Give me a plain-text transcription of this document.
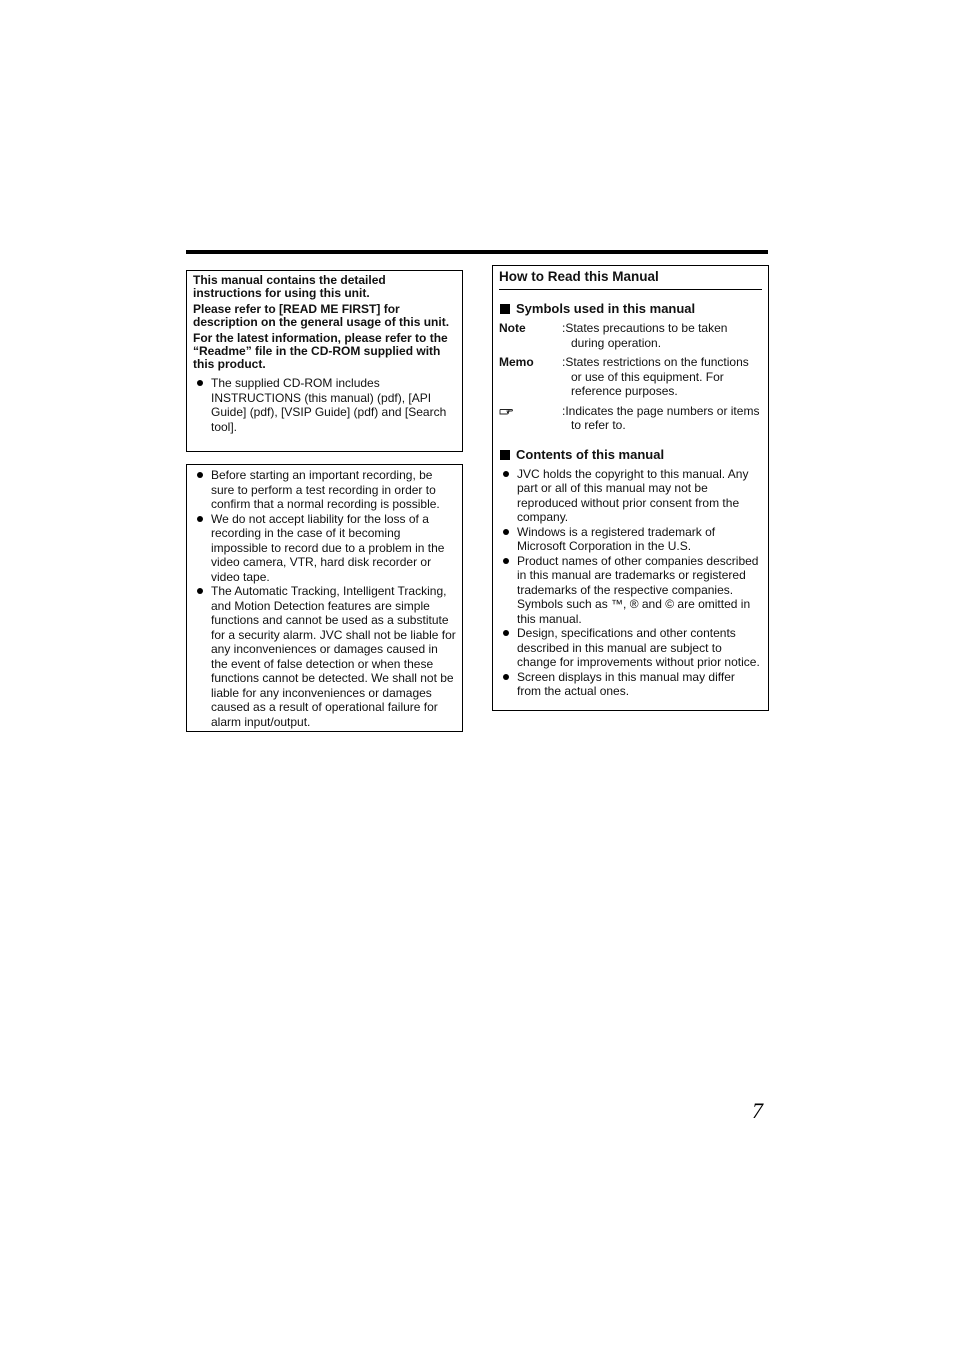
This manual contains the detailed instructions for using this unit.

Please refer to [READ ME FIRST] for description on the general usage of this unit.

For the latest information, please refer to the “Readme” file in the CD-ROM supplied with this product.

The supplied CD-ROM includes INSTRUCTIONS (this manual) (pdf), [API Guide] (pdf), [VSIP Guide] (pdf) and [Search tool].
Before starting an important recording, be sure to perform a test recording in order to confirm that a normal recording is possible.
We do not accept liability for the loss of a recording in the case of it becoming impossible to record due to a problem in the video camera, VTR, hard disk recorder or video tape.
The Automatic Tracking, Intelligent Tracking, and Motion Detection features are simple functions and cannot be used as a substitute for a security alarm. JVC shall not be liable for any inconveniences or damages caused in the event of false detection or when these functions cannot be detected. We shall not be liable for any inconveniences or damages caused as a result of operational failure for alarm input/output.
How to Read this Manual
Symbols used in this manual
Note	:States precautions to be taken during operation.
Memo :States restrictions on the functions or use of this equipment. For reference purposes.
:Indicates the page numbers or items to refer to.
Contents of this manual
JVC holds the copyright to this manual. Any part or all of this manual may not be reproduced without prior consent from the company.
Windows is a registered trademark of Microsoft Corporation in the U.S.
Product names of other companies described in this manual are trademarks or registered trademarks of the respective companies. Symbols such as ™, ® and © are omitted in this manual.
Design, specifications and other contents described in this manual are subject to change for improvements without prior notice.
Screen displays in this manual may differ from the actual ones.
7
